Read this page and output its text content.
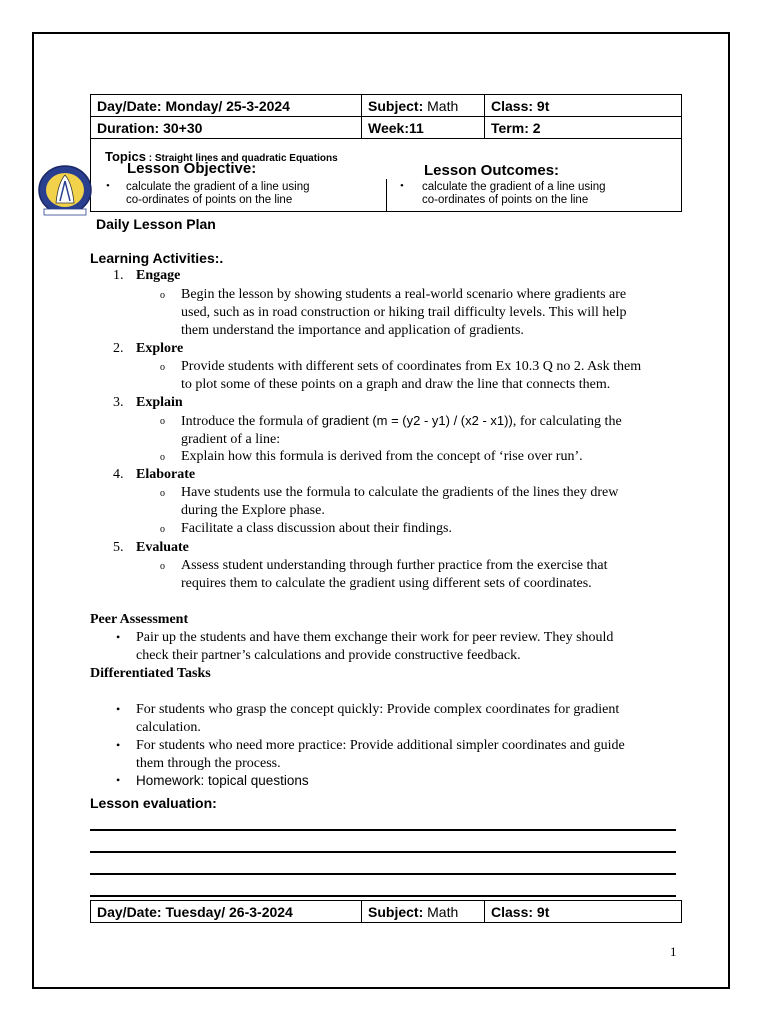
Day/Date: Monday/ 25-3-2024	Subject: Math	Class: 9t
Duration: 30+30	Week:11	Term: 2
Topics : Straight lines and quadratic Equations
Lesson Objective:
• calculate the gradient of a line using
co-ordinates of points on the line
Lesson Outcomes:
• calculate the gradient of a line using
co-ordinates of points on the line
Daily Lesson Plan
Learning Activities:.
1. Engage
o Begin the lesson by showing students a real-world scenario where gradients are
used, such as in road construction or hiking trail difficulty levels. This will help
them understand the importance and application of gradients.
2. Explore
o Provide students with different sets of coordinates from Ex 10.3 Q no 2. Ask them
to plot some of these points on a graph and draw the line that connects them.
3. Explain
o Introduce the formula of gradient (m = (y2 - y1) / (x2 - x1)), for calculating the
gradient of a line:
o Explain how this formula is derived from the concept of ‘rise over run’.
4. Elaborate
o Have students use the formula to calculate the gradients of the lines they drew
during the Explore phase.
o Facilitate a class discussion about their findings.
5. Evaluate
o Assess student understanding through further practice from the exercise that
requires them to calculate the gradient using different sets of coordinates.
Peer Assessment
• Pair up the students and have them exchange their work for peer review. They should
check their partner’s calculations and provide constructive feedback.
Differentiated Tasks
• For students who grasp the concept quickly: Provide complex coordinates for gradient
calculation.
• For students who need more practice: Provide additional simpler coordinates and guide
them through the process.
• Homework: topical questions
Lesson evaluation:
Day/Date: Tuesday/ 26-3-2024	Subject: Math	Class: 9t
1
